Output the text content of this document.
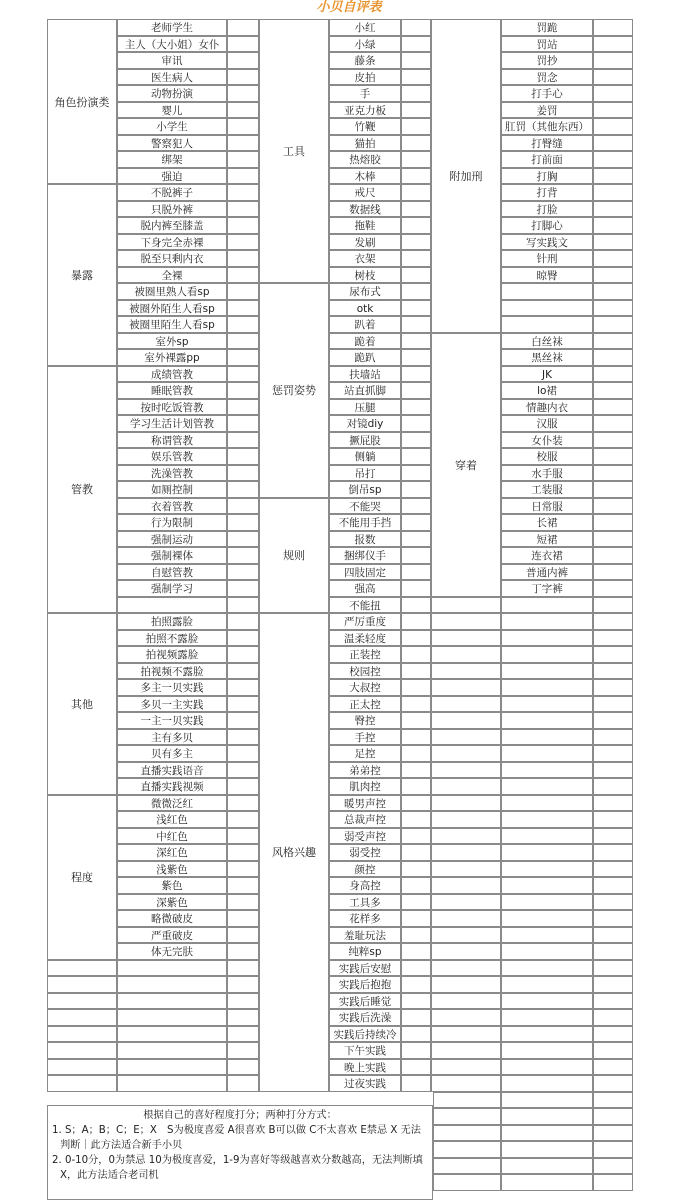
小贝自评表
角色扮演类
老师学生
主人（大小姐）女仆
审讯
医生病人
动物扮演
婴儿
小学生
警察犯人
绑架
强迫
暴露
不脱裤子
只脱外裤
脱内裤至膝盖
下身完全赤裸
脱至只剩内衣
全裸
被圈里熟人看sp
被圈外陌生人看sp
被圈里陌生人看sp
室外sp
室外裸露pp
管教
成绩管教
睡眠管教
按时吃饭管教
学习生活计划管教
称谓管教
娱乐管教
洗澡管教
如厕控制
衣着管教
行为限制
强制运动
强制裸体
自慰管教
强制学习
其他
拍照露脸
拍照不露脸
拍视频露脸
拍视频不露脸
多主一贝实践
多贝一主实践
一主一贝实践
主有多贝
贝有多主
直播实践语音
直播实践视频
程度
微微泛红
浅红色
中红色
深红色
浅紫色
紫色
深紫色
略微破皮
严重破皮
体无完肤
工具
小红
小绿
藤条
皮拍
手
亚克力板
竹鞭
猫拍
热熔胶
木棒
戒尺
数据线
拖鞋
发刷
衣架
树枝
惩罚姿势
尿布式
otk
趴着
跪着
跪趴
扶墙站
站直抓脚
压腿
对镜diy
撅屁股
侧躺
吊打
倒吊sp
规则
不能哭
不能用手挡
报数
捆绑仪手
四肢固定
强高
不能扭
风格兴趣
严厉重度
温柔轻度
正装控
校园控
大叔控
正太控
臀控
手控
足控
弟弟控
肌肉控
暖男声控
总裁声控
弱受声控
弱受控
颜控
身高控
工具多
花样多
羞耻玩法
纯粹sp
实践后安慰
实践后抱抱
实践后睡觉
实践后洗澡
实践后持续冷
下午实践
晚上实践
过夜实践
附加刑
罚跪
罚站
罚抄
罚念
打手心
姜罚
肛罚（其他东西）
打臀缝
打前面
打胸
打背
打脸
打脚心
写实践文
针刑
晾臀
穿着
白丝袜
黑丝袜
JK
lo裙
情趣内衣
汉服
女仆装
校服
水手服
工装服
日常服
长裙
短裙
连衣裙
普通内裤
丁字裤
根据自己的喜好程度打分；两种打分方式：
1. S；A；B；C；E；X　S为极度喜爱 A很喜欢 B可以做 C不太喜欢 E禁忌 X 无法判断｜此方法适合新手小贝
2. 0-10分，0为禁忌 10为极度喜爱，1-9为喜好等级越喜欢分数越高，无法判断填X，此方法适合老司机
